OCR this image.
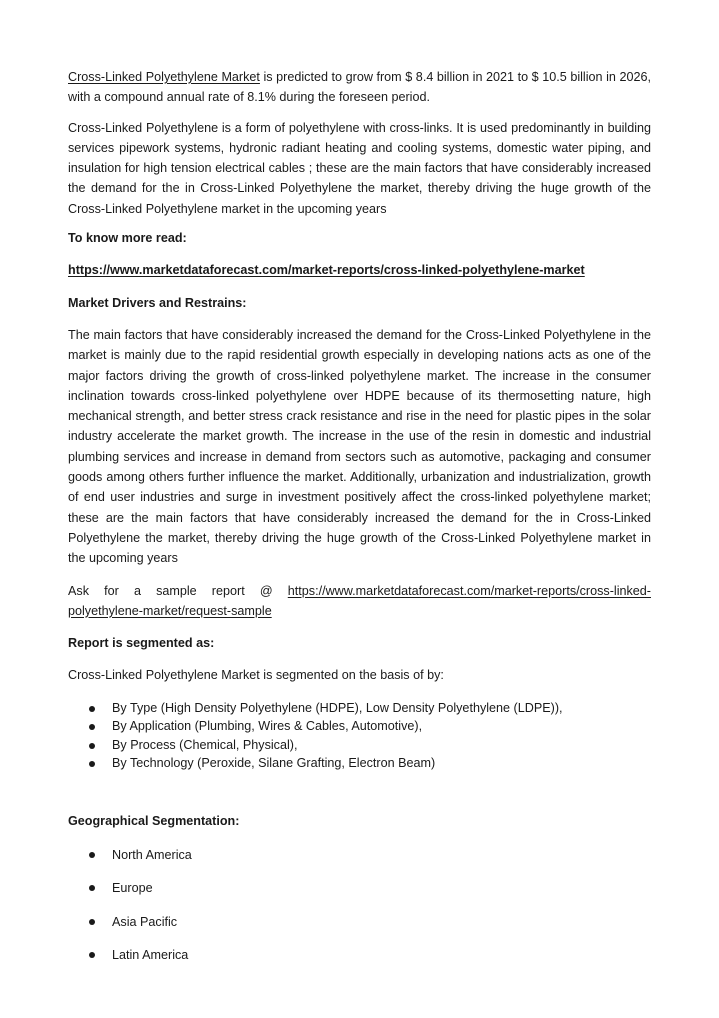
Cross-Linked Polyethylene Market is predicted to grow from $ 8.4 billion in 2021 to $ 10.5 billion in 2026, with a compound annual rate of 8.1% during the foreseen period.

Cross-Linked Polyethylene is a form of polyethylene with cross-links. It is used predominantly in building services pipework systems, hydronic radiant heating and cooling systems, domestic water piping, and insulation for high tension electrical cables ; these are the main factors that have considerably increased the demand for the in Cross-Linked Polyethylene the market, thereby driving the huge growth of the Cross-Linked Polyethylene market in the upcoming years

To know more read:

https://www.marketdataforecast.com/market-reports/cross-linked-polyethylene-market

Market Drivers and Restrains:

The main factors that have considerably increased the demand for the Cross-Linked Polyethylene in the market is mainly due to the rapid residential growth especially in developing nations acts as one of the major factors driving the growth of cross-linked polyethylene market. The increase in the consumer inclination towards cross-linked polyethylene over HDPE because of its thermosetting nature, high mechanical strength, and better stress crack resistance and rise in the need for plastic pipes in the solar industry accelerate the market growth. The increase in the use of the resin in domestic and industrial plumbing services and increase in demand from sectors such as automotive, packaging and consumer goods among others further influence the market. Additionally, urbanization and industrialization, growth of end user industries and surge in investment positively affect the cross-linked polyethylene market; these are the main factors that have considerably increased the demand for the in Cross-Linked Polyethylene the market, thereby driving the huge growth of the Cross-Linked Polyethylene market in the upcoming years

Ask for a sample report @ https://www.marketdataforecast.com/market-reports/cross-linked-polyethylene-market/request-sample

Report is segmented as:

Cross-Linked Polyethylene Market is segmented on the basis of by:

By Type (High Density Polyethylene (HDPE), Low Density Polyethylene (LDPE)),
By Application (Plumbing, Wires & Cables, Automotive),
By Process (Chemical, Physical),
By Technology (Peroxide, Silane Grafting, Electron Beam)

Geographical Segmentation:

North America
Europe
Asia Pacific
Latin America
